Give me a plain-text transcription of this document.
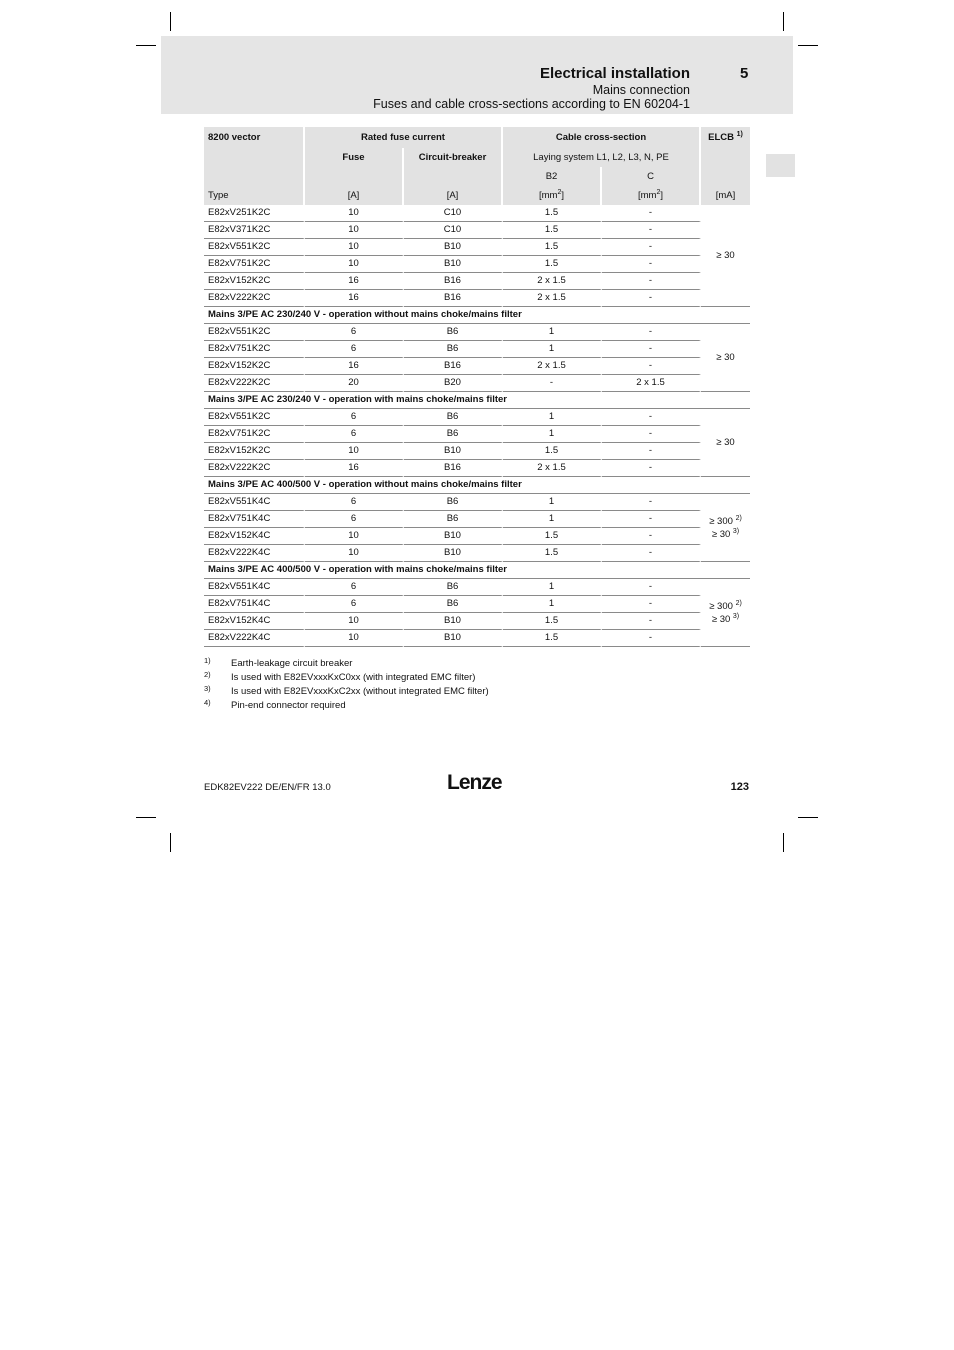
Electrical installation	5
Mains connection
Fuses and cable cross-sections according to EN 60204-1
8200 vector	Rated fuse current		Cable cross-section		ELCB $^{1)}$
	Fuse	Circuit-breaker	Laying system L1, L2, L3, N, PE		
			B2	C	
Type	[A]	[A]	$[mm^2]$	$[mm^2]$	[mA]
E82xV251K2C	10	C10	1.5	-	≥ 30
E82xV371K2C	10	C10	1.5	-	
E82xV551K2C	10	B10	1.5	-	
E82xV751K2C	10	B10	1.5	-	
E82xV152K2C	16	B16	2 x 1.5	-	
E82xV222K2C	16	B16	2 x 1.5	-	
Mains 3/PE AC 230/240 V - operation without mains choke/mains filter					
E82xV551K2C	6	B6	1	-	≥ 30
E82xV751K2C	6	B6	1	-	
E82xV152K2C	16	B16	2 x 1.5	-	
E82xV222K2C	20	B20	-	2 x 1.5	
Mains 3/PE AC 230/240 V - operation with mains choke/mains filter					
E82xV551K2C	6	B6	1	-	≥ 30
E82xV751K2C	6	B6	1	-	
E82xV152K2C	10	B10	1.5	-	
E82xV222K2C	16	B16	2 x 1.5	-	
Mains 3/PE AC 400/500 V - operation without mains choke/mains filter					
E82xV551K4C	6	B6	1	-	≥ 300 $^{2)}$
≥ 30 $^{3)}$

E82xV751K4C	6	B6	1	-	
E82xV152K4C	10	B10	1.5	-	
E82xV222K4C	10	B10	1.5	-	
Mains 3/PE AC 400/500 V - operation with mains choke/mains filter					
E82xV551K4C	6	B6	1	-	≥ 300 $^{2)}$
≥ 30 $^{3)}$

E82xV751K4C	6	B6	1	-	
E82xV152K4C	10	B10	1.5	-	
E82xV222K4C	10	B10	1.5	-	
1) Earth-leakage circuit breaker
2) Is used with E82EVxxxKxC0xx (with integrated EMC filter)
3) Is used with E82EVxxxKxC2xx (without integrated EMC filter)
4) Pin-end connector required
EDK82EV222 DE/EN/FR 13.0	Lenze	123
